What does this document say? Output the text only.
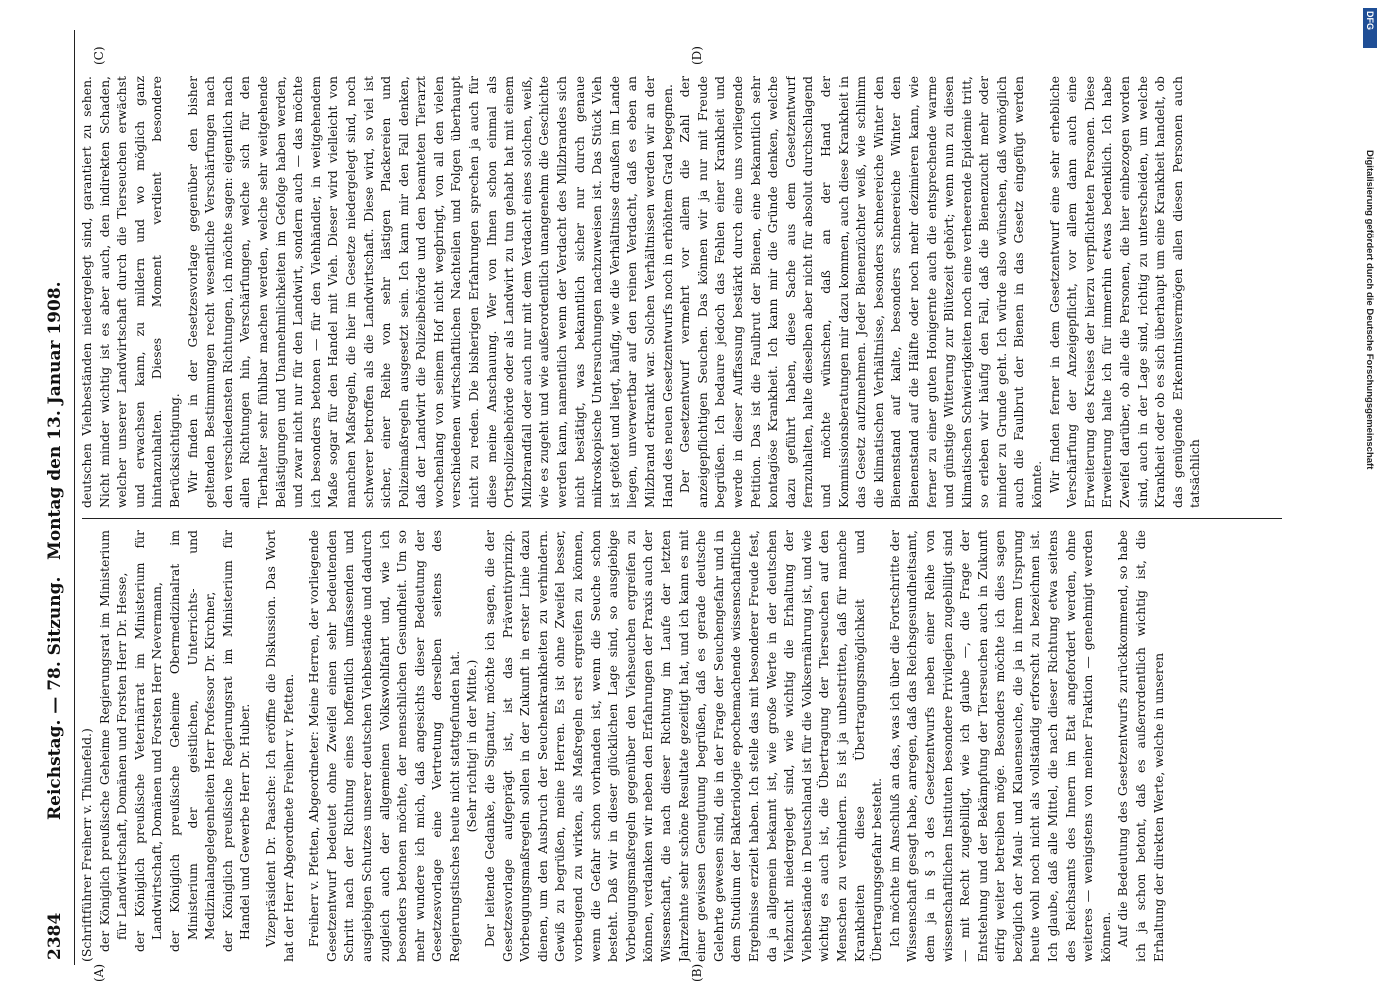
2384
Reichstag. — 78. Sitzung.
Montag den 13. Januar 1908.
(A)	(B)
(C)	(D)

(Schriftführer Freiherr v. Thünefeld.) der Königlich preußische Geheime Regierungsrat im Ministerium für Landwirtschaft, Domänen und Forsten Herr Dr. Hesse, der Königlich preußische Veterinärrat im Ministerium für Landwirtschaft, Domänen und Forsten Herr Nevermann, der Königlich preußische Geheime Obermedizinalrat im Ministerium der geistlichen, Unterrichts- und Medizinalangelegenheiten Herr Professor Dr. Kirchner, der Königlich preußische Regierungsrat im Ministerium für Handel und Gewerbe Herr Dr. Huber. Vizepräsident Dr. Paasche: Ich eröffne die Diskussion. Das Wort hat der Herr Abgeordnete Freiherr v. Pfetten. Freiherr v. Pfetten, Abgeordneter: Meine Herren, der vorliegende Gesetzentwurf bedeutet ohne Zweifel einen sehr bedeutenden Schritt nach der Richtung eines hoffentlich umfassenden und ausgiebigen Schutzes unserer deutschen Viehbestände und dadurch zugleich auch der allgemeinen Volkswohlfahrt und, wie ich besonders betonen möchte, der menschlichen Gesundheit. Um so mehr wundere ich mich, daß angesichts dieser Bedeutung der Gesetzesvorlage eine Vertretung derselben seitens des Regierungstisches heute nicht stattgefunden hat. (Sehr richtig! in der Mitte.) Der leitende Gedanke, die Signatur, möchte ich sagen, die der Gesetzesvorlage aufgeprägt ist, ist das Präventivprinzip. Vorbeugungsmaßregeln sollen in der Zukunft in erster Linie dazu dienen, um den Ausbruch der Seuchenkrankheiten zu verhindern. Gewiß zu begrüßen, meine Herren. Es ist ohne Zweifel besser, vorbeugend zu wirken, als Maßregeln erst ergreifen zu können, wenn die Gefahr schon vorhanden ist, wenn die Seuche schon besteht. Daß wir in dieser glücklichen Lage sind, so ausgiebige Vorbeugungsmaßregeln gegenüber den Viehseuchen ergreifen zu können, verdanken wir neben den Erfahrungen der Praxis auch der Wissenschaft, die nach dieser Richtung im Laufe der letzten Jahrzehnte sehr schöne Resultate gezeitigt hat, und ich kann es mit einer gewissen Genugtuung begrüßen, daß es gerade deutsche Gelehrte gewesen sind, die in der Frage der Seuchengefahr und in dem Studium der Bakteriologie epochemachende wissenschaftliche Ergebnisse erzielt haben. Ich stelle das mit besonderer Freude fest, da ja allgemein bekannt ist, wie große Werte in der deutschen Viehzucht niedergelegt sind, wie wichtig die Erhaltung der Viehbestände in Deutschland ist für die Volksernährung ist, und wie wichtig es auch ist, die Übertragung der Tierseuchen auf den Menschen zu verhindern. Es ist ja unbestritten, daß für manche Krankheiten diese Übertragungsmöglichkeit und Übertragungsgefahr besteht. Ich möchte im Anschluß an das, was ich über die Fortschritte der Wissenschaft gesagt habe, anregen, daß das Reichsgesundheitsamt, dem ja in § 3 des Gesetzentwurfs neben einer Reihe von wissenschaftlichen Instituten besondere Privilegien zugebilligt sind — mit Recht zugebilligt, wie ich glaube —, die Frage der Entstehung und der Bekämpfung der Tierseuchen auch in Zukunft eifrig weiter betreiben möge. Besonders möchte ich dies sagen bezüglich der Maul- und Klauenseuche, die ja in ihrem Ursprung heute wohl noch nicht als vollständig erforscht zu bezeichnen ist. Ich glaube, daß alle Mittel, die nach dieser Richtung etwa seitens des Reichsamts des Innern im Etat angefordert werden, ohne weiteres — wenigstens von meiner Fraktion — genehmigt werden können. Auf die Bedeutung des Gesetzentwurfs zurückkommend, so habe ich ja schon betont, daß es außerordentlich wichtig ist, die Erhaltung der direkten Werte, welche in unseren

deutschen Viehbeständen niedergelegt sind, garantiert zu sehen. Nicht minder wichtig ist es aber auch, den indirekten Schaden, welcher unserer Landwirtschaft durch die Tierseuchen erwächst und erwachsen kann, zu mildern und wo möglich ganz hintanzuhalten. Dieses Moment verdient besondere Berücksichtigung. Wir finden in der Gesetzesvorlage gegenüber den bisher geltenden Bestimmungen recht wesentliche Verschärfungen nach den verschiedensten Richtungen, ich möchte sagen: eigentlich nach allen Richtungen hin, Verschärfungen, welche sich für den Tierhalter sehr fühlbar machen werden, welche sehr weitgehende Belästigungen und Unannehmlichkeiten im Gefolge haben werden, und zwar nicht nur für den Landwirt, sondern auch — das möchte ich besonders betonen — für den Viehhändler, in weitgehendem Maße sogar für den Handel mit Vieh. Dieser wird vielleicht von manchen Maßregeln, die hier im Gesetze niedergelegt sind, noch schwerer betroffen als die Landwirtschaft. Diese wird, so viel ist sicher, einer Reihe von sehr lästigen Plackereien und Polizeimaßregeln ausgesetzt sein. Ich kann mir den Fall denken, daß der Landwirt die Polizeibehörde und den beamteten Tierarzt wochenlang von seinem Hof nicht wegbringt, von all den vielen verschiedenen wirtschaftlichen Nachteilen und Folgen überhaupt nicht zu reden. Die bisherigen Erfahrungen sprechen ja auch für diese meine Anschauung. Wer von Ihnen schon einmal als Ortspolizeibehörde oder als Landwirt zu tun gehabt hat mit einem Milzbrandfall oder auch nur mit dem Verdacht eines solchen, weiß, wie es zugeht und wie außerordentlich unangenehm die Geschichte werden kann, namentlich wenn der Verdacht des Milzbrandes sich nicht bestätigt, was bekanntlich sicher nur durch genaue mikroskopische Untersuchungen nachzuweisen ist. Das Stück Vieh ist getötet und liegt, häufig, wie die Verhältnisse draußen im Lande liegen, unverwertbar auf den reinen Verdacht, daß es eben an Milzbrand erkrankt war. Solchen Verhältnissen werden wir an der Hand des neuen Gesetzentwurfs noch in erhöhtem Grad begegnen. Der Gesetzentwurf vermehrt vor allem die Zahl der anzeigepflichtigen Seuchen. Das können wir ja nur mit Freude begrüßen. Ich bedaure jedoch das Fehlen einer Krankheit und werde in dieser Auffassung bestärkt durch eine uns vorliegende Petition. Das ist die Faulbrut der Bienen, eine bekanntlich sehr kontagiöse Krankheit. Ich kann mir die Gründe denken, welche dazu geführt haben, diese Sache aus dem Gesetzentwurf fernzuhalten, halte dieselben aber nicht für absolut durchschlagend und möchte wünschen, daß an der Hand der Kommissionsberatungen mir dazu kommen, auch diese Krankheit in das Gesetz aufzunehmen. Jeder Bienenzüchter weiß, wie schlimm die klimatischen Verhältnisse, besonders schneereiche Winter den Bienenstand auf kalte, besonders schneereiche Winter den Bienenstand auf die Hälfte oder noch mehr dezimieren kann, wie ferner zu einer guten Honigernte auch die entsprechende warme und günstige Witterung zur Blütezeit gehört; wenn nun zu diesen klimatischen Schwierigkeiten noch eine verheerende Epidemie tritt, so erleben wir häufig den Fall, daß die Bienenzucht mehr oder minder zu Grunde geht. Ich würde also wünschen, daß womöglich auch die Faulbrut der Bienen in das Gesetz eingefügt werden könnte. Wir finden ferner in dem Gesetzentwurf eine sehr erhebliche Verschärfung der Anzeigepflicht, vor allem dann auch eine Erweiterung des Kreises der hierzu verpflichteten Personen. Diese Erweiterung halte ich für immerhin etwas bedenklich. Ich habe Zweifel darüber, ob alle die Personen, die hier einbezogen worden sind, auch in der Lage sind, richtig zu unterscheiden, um welche Krankheit oder ob es sich überhaupt um eine Krankheit handelt, ob das genügende Erkenntnisvermögen allen diesen Personen auch tatsächlich

DFG
Digitalisierung gefördert durch die Deutsche Forschungsgemeinschaft
